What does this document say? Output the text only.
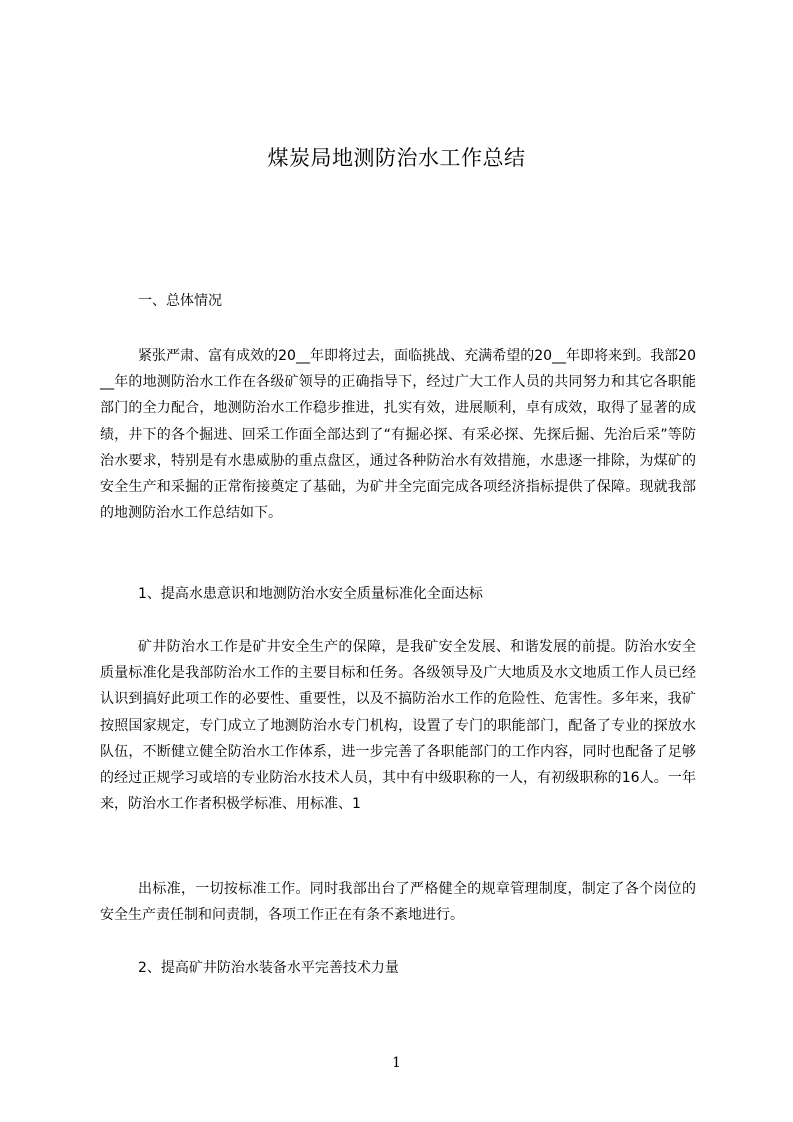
煤炭局地测防治水工作总结

一、总体情况

紧张严肃、富有成效的20__年即将过去，面临挑战、充满希望的20__年即将来到。我部20__年的地测防治水工作在各级矿领导的正确指导下，经过广大工作人员的共同努力和其它各职能部门的全力配合，地测防治水工作稳步推进，扎实有效，进展顺利，卓有成效，取得了显著的成绩，井下的各个掘进、回采工作面全部达到了“有掘必探、有采必探、先探后掘、先治后采”等防治水要求，特别是有水患威胁的重点盘区，通过各种防治水有效措施，水患逐一排除，为煤矿的安全生产和采掘的正常衔接奠定了基础，为矿井全完面完成各项经济指标提供了保障。现就我部的地测防治水工作总结如下。

1、提高水患意识和地测防治水安全质量标准化全面达标

矿井防治水工作是矿井安全生产的保障，是我矿安全发展、和谐发展的前提。防治水安全质量标准化是我部防治水工作的主要目标和任务。各级领导及广大地质及水文地质工作人员已经认识到搞好此项工作的必要性、重要性，以及不搞防治水工作的危险性、危害性。多年来，我矿按照国家规定，专门成立了地测防治水专门机构，设置了专门的职能部门，配备了专业的探放水队伍，不断健立健全防治水工作体系，进一步完善了各职能部门的工作内容，同时也配备了足够的经过正规学习或培的专业防治水技术人员，其中有中级职称的一人，有初级职称的16人。一年来，防治水工作者积极学标准、用标准、1

出标准，一切按标准工作。同时我部出台了严格健全的规章管理制度，制定了各个岗位的安全生产责任制和问责制，各项工作正在有条不紊地进行。

2、提高矿井防治水装备水平完善技术力量

1
